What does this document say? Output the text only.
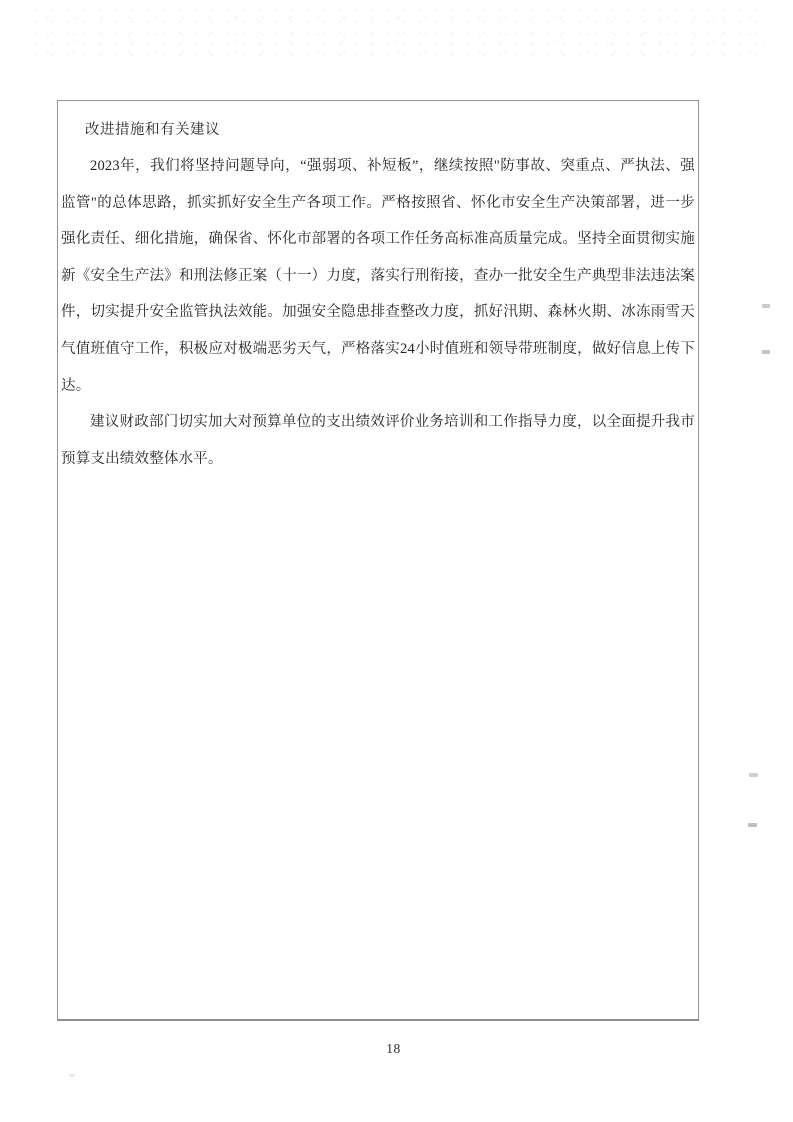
改进措施和有关建议

2023年，我们将坚持问题导向，“强弱项、补短板”，继续按照"防事故、突重点、严执法、强监管"的总体思路，抓实抓好安全生产各项工作。严格按照省、怀化市安全生产决策部署，进一步强化责任、细化措施，确保省、怀化市部署的各项工作任务高标准高质量完成。坚持全面贯彻实施新《安全生产法》和刑法修正案（十一）力度，落实行刑衔接，查办一批安全生产典型非法违法案件，切实提升安全监管执法效能。加强安全隐患排查整改力度，抓好汛期、森林火期、冰冻雨雪天气值班值守工作，积极应对极端恶劣天气，严格落实24小时值班和领导带班制度，做好信息上传下达。

建议财政部门切实加大对预算单位的支出绩效评价业务培训和工作指导力度，以全面提升我市预算支出绩效整体水平。

18
